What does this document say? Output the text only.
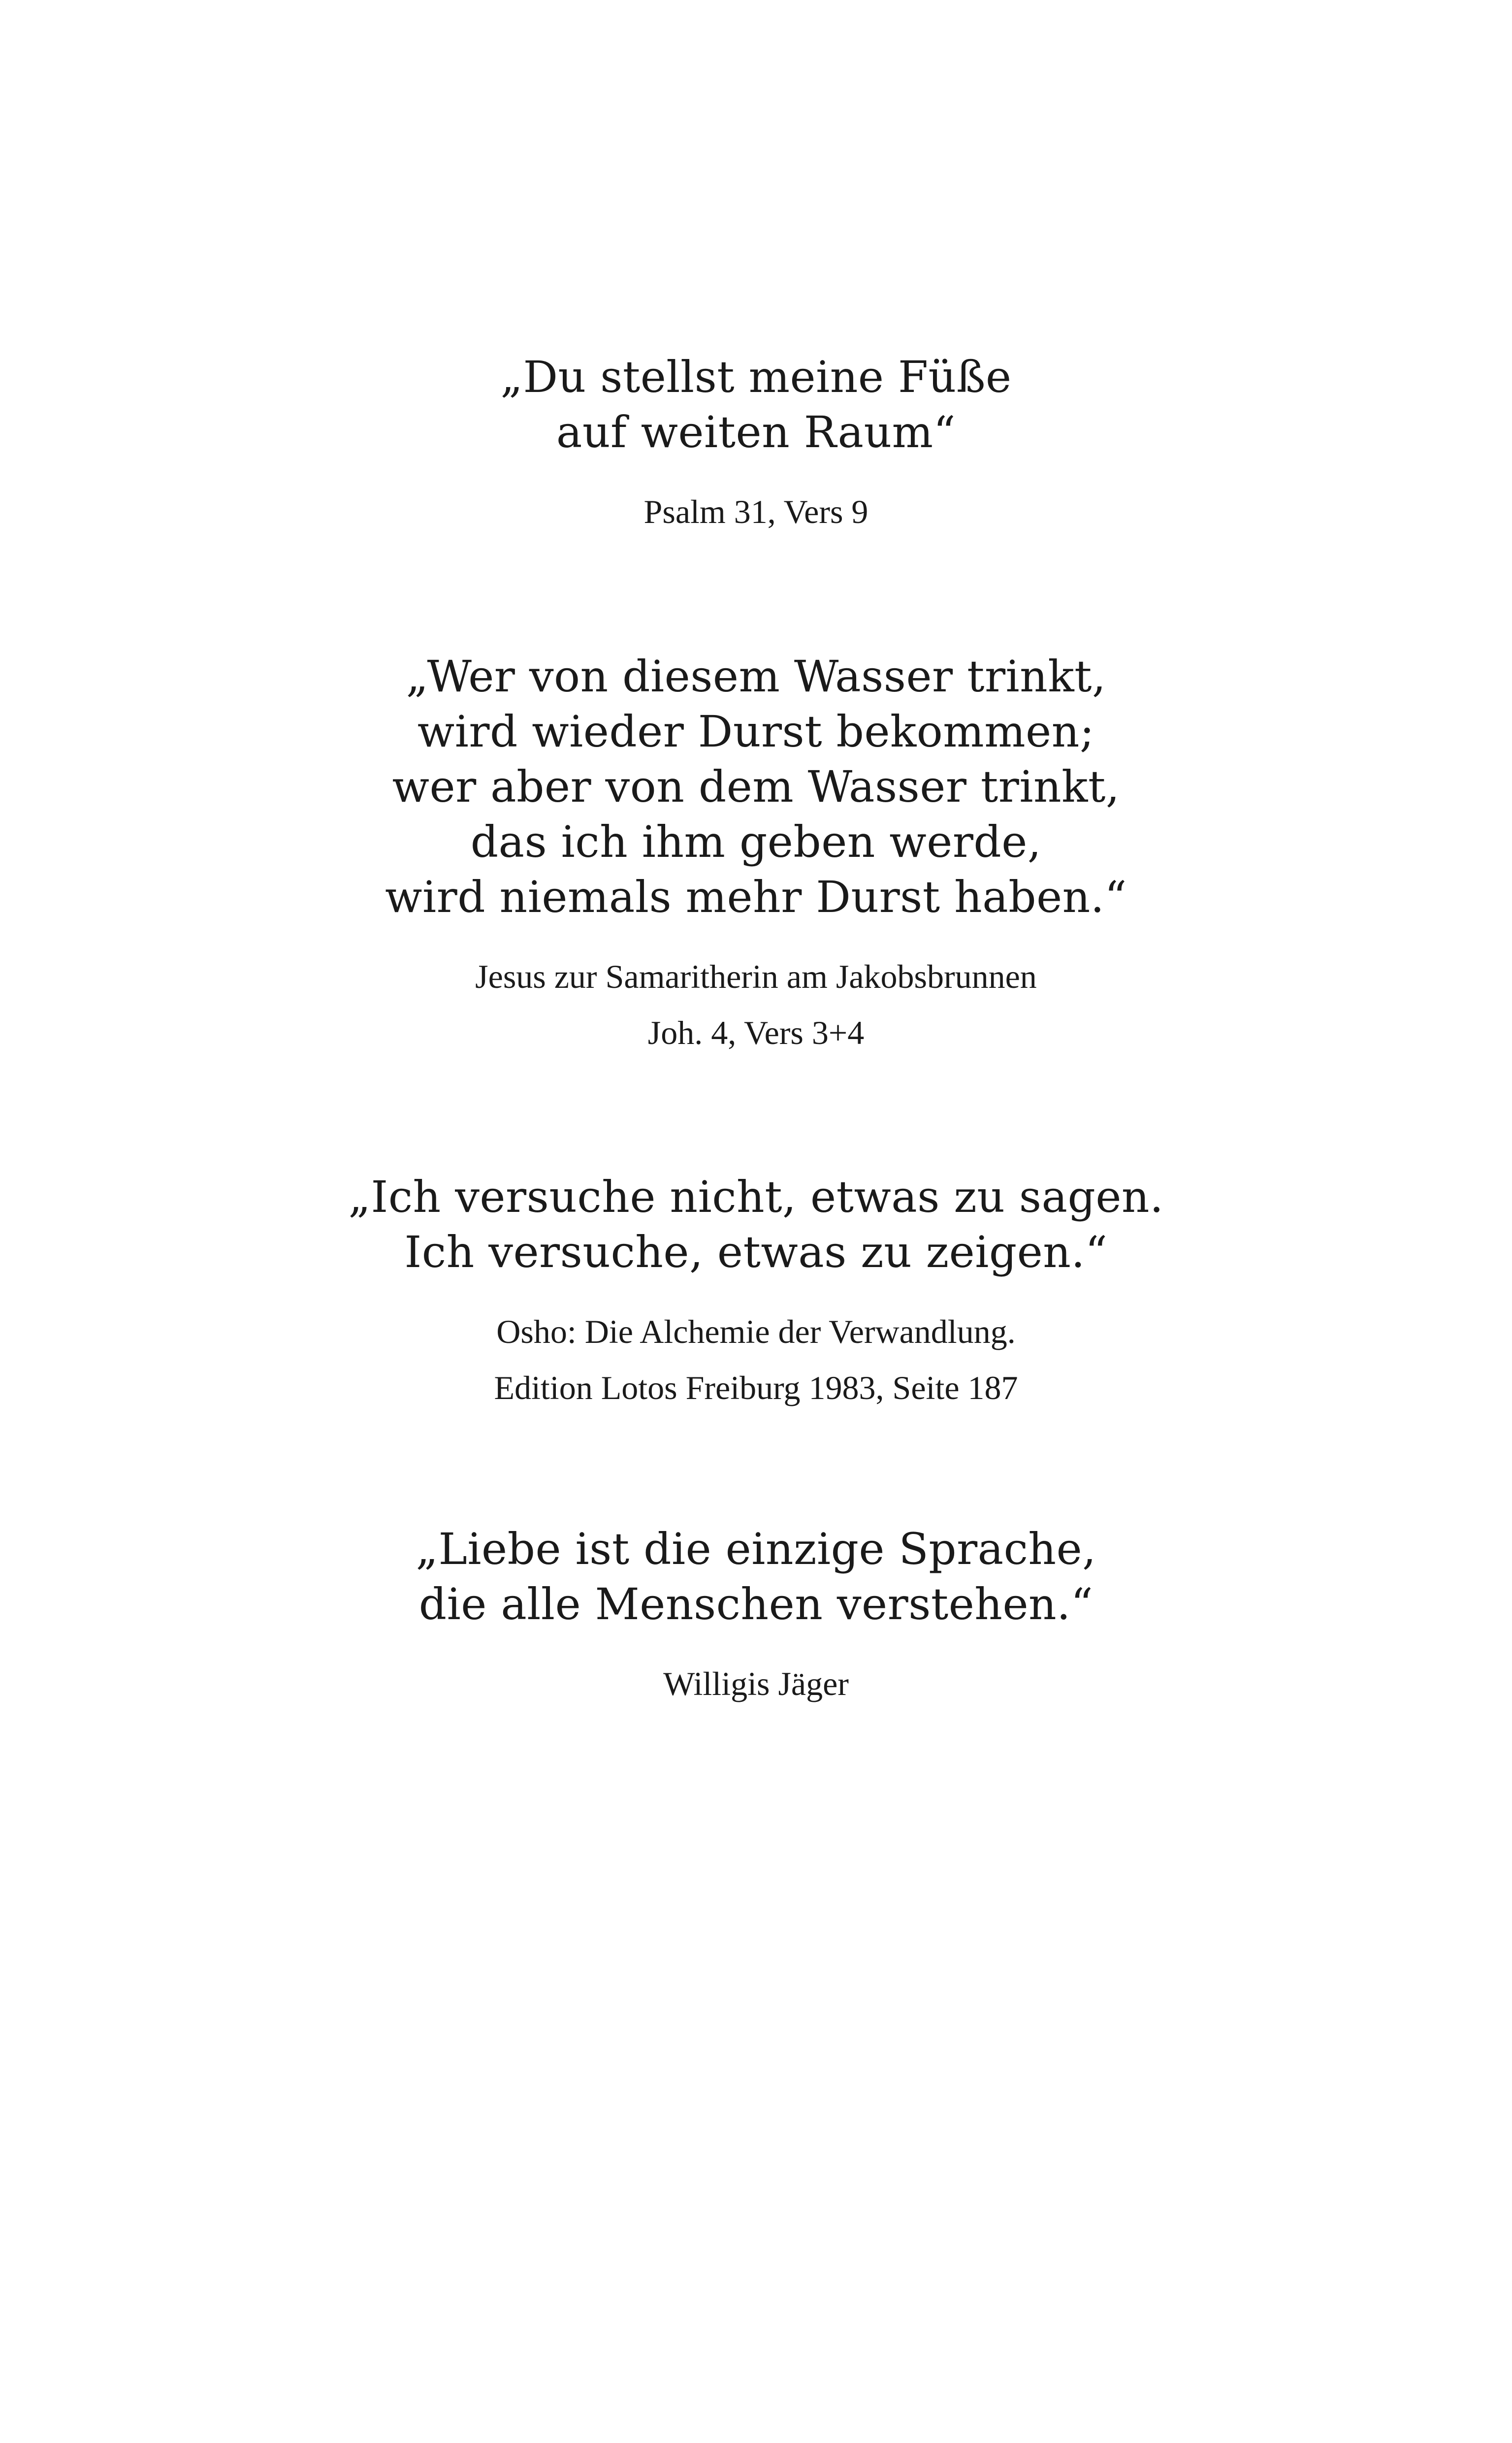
„Du stellst meine Füße
auf weiten Raum“
Psalm 31, Vers 9
„Wer von diesem Wasser trinkt,
wird wieder Durst bekommen;
wer aber von dem Wasser trinkt,
das ich ihm geben werde,
wird niemals mehr Durst haben.“
Jesus zur Samaritherin am Jakobsbrunnen
Joh. 4, Vers 3+4
„Ich versuche nicht, etwas zu sagen.
Ich versuche, etwas zu zeigen.“
Osho: Die Alchemie der Verwandlung.
Edition Lotos Freiburg 1983, Seite 187
„Liebe ist die einzige Sprache,
die alle Menschen verstehen.“
Willigis Jäger
